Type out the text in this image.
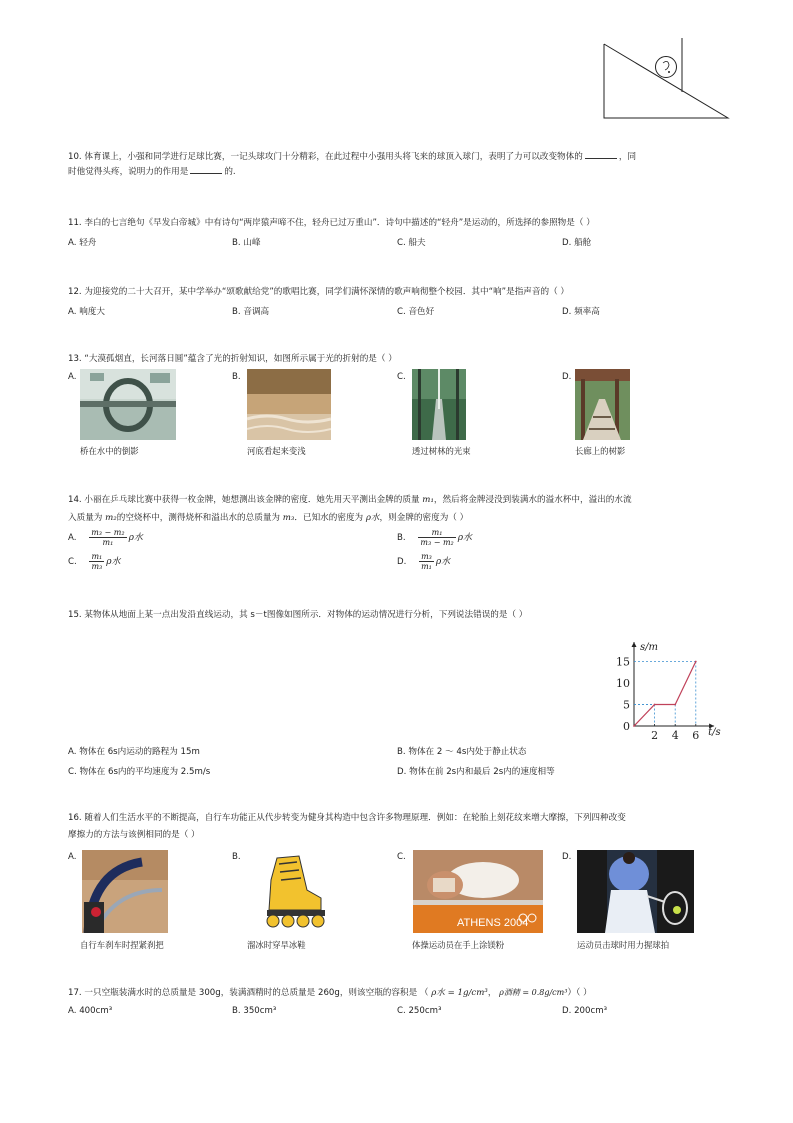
10. 体育课上，小强和同学进行足球比赛，一记头球攻门十分精彩，在此过程中小强用头将飞来的球顶入球门，表明了力可以改变物体的	，同
时他觉得头疼，说明力的作用是	的.
11. 李白的七言绝句《早发白帝城》中有诗句“两岸猿声啼不住，轻舟已过万重山”．诗句中描述的“轻舟”是运动的，所选择的参照物是（ ）
A. 轻舟	B. 山峰	C. 船夫	D. 船舱
12. 为迎接党的二十大召开，某中学举办“颂歌献给党”的歌唱比赛，同学们满怀深情的歌声响彻整个校园．其中“响”是指声音的（ ）
A. 响度大	B. 音调高	C. 音色好	D. 频率高
13. “大漠孤烟直，长河落日圆”蕴含了光的折射知识，如图所示属于光的折射的是（ ）
A.	B.	C.	D.
桥在水中的倒影	河底看起来变浅	透过树林的光束	长廊上的树影
14. 小丽在乒乓球比赛中获得一枚金牌，她想测出该金牌的密度．她先用天平测出金牌的质量 m₁，然后将金牌浸没到装满水的溢水杯中，溢出的水流
入质量为 m₂的空烧杯中，测得烧杯和溢出水的总质量为 m₃．已知水的密度为 ρ水，则金牌的密度为（ ）
A. $\frac{\text{m₃ − m₂}}{\text{m₁}}$ ρ水	B. $\frac{\text{m₁}}{\text{m₃ − m₂}}$ ρ水
C. $\frac{\text{m₁}}{\text{m₃}}$ ρ水	D. $\frac{\text{m₃}}{\text{m₁}}$ ρ水
15. 某物体从地面上某一点出发沿直线运动，其 s－t图像如图所示．对物体的运动情况进行分析，下列说法错误的是（ ）
s/m
t/s
0
5
10
15
2 4 6
A. 物体在 6s内运动的路程为 15m	B. 物体在 2 ～ 4s内处于静止状态
C. 物体在 6s内的平均速度为 2.5m/s	D. 物体在前 2s内和最后 2s内的速度相等
16. 随着人们生活水平的不断提高，自行车功能正从代步转变为健身其构造中包含许多物理原理．例如：在轮胎上刻花纹来增大摩擦，下列四种改变
摩擦力的方法与该例相同的是（ ）
A.	B.	C.	D.
ATHENS 2004
自行车刹车时捏紧刹把	溜冰时穿旱冰鞋	体操运动员在手上涂镁粉	运动员击球时用力握球拍
17. 一只空瓶装满水时的总质量是 300g，装满酒精时的总质量是 260g，则该空瓶的容积是 （ ρ水 = 1g/cm³， ρ酒精 = 0.8g/cm³）（ ）
A. 400cm³	B. 350cm³	C. 250cm³	D. 200cm³
